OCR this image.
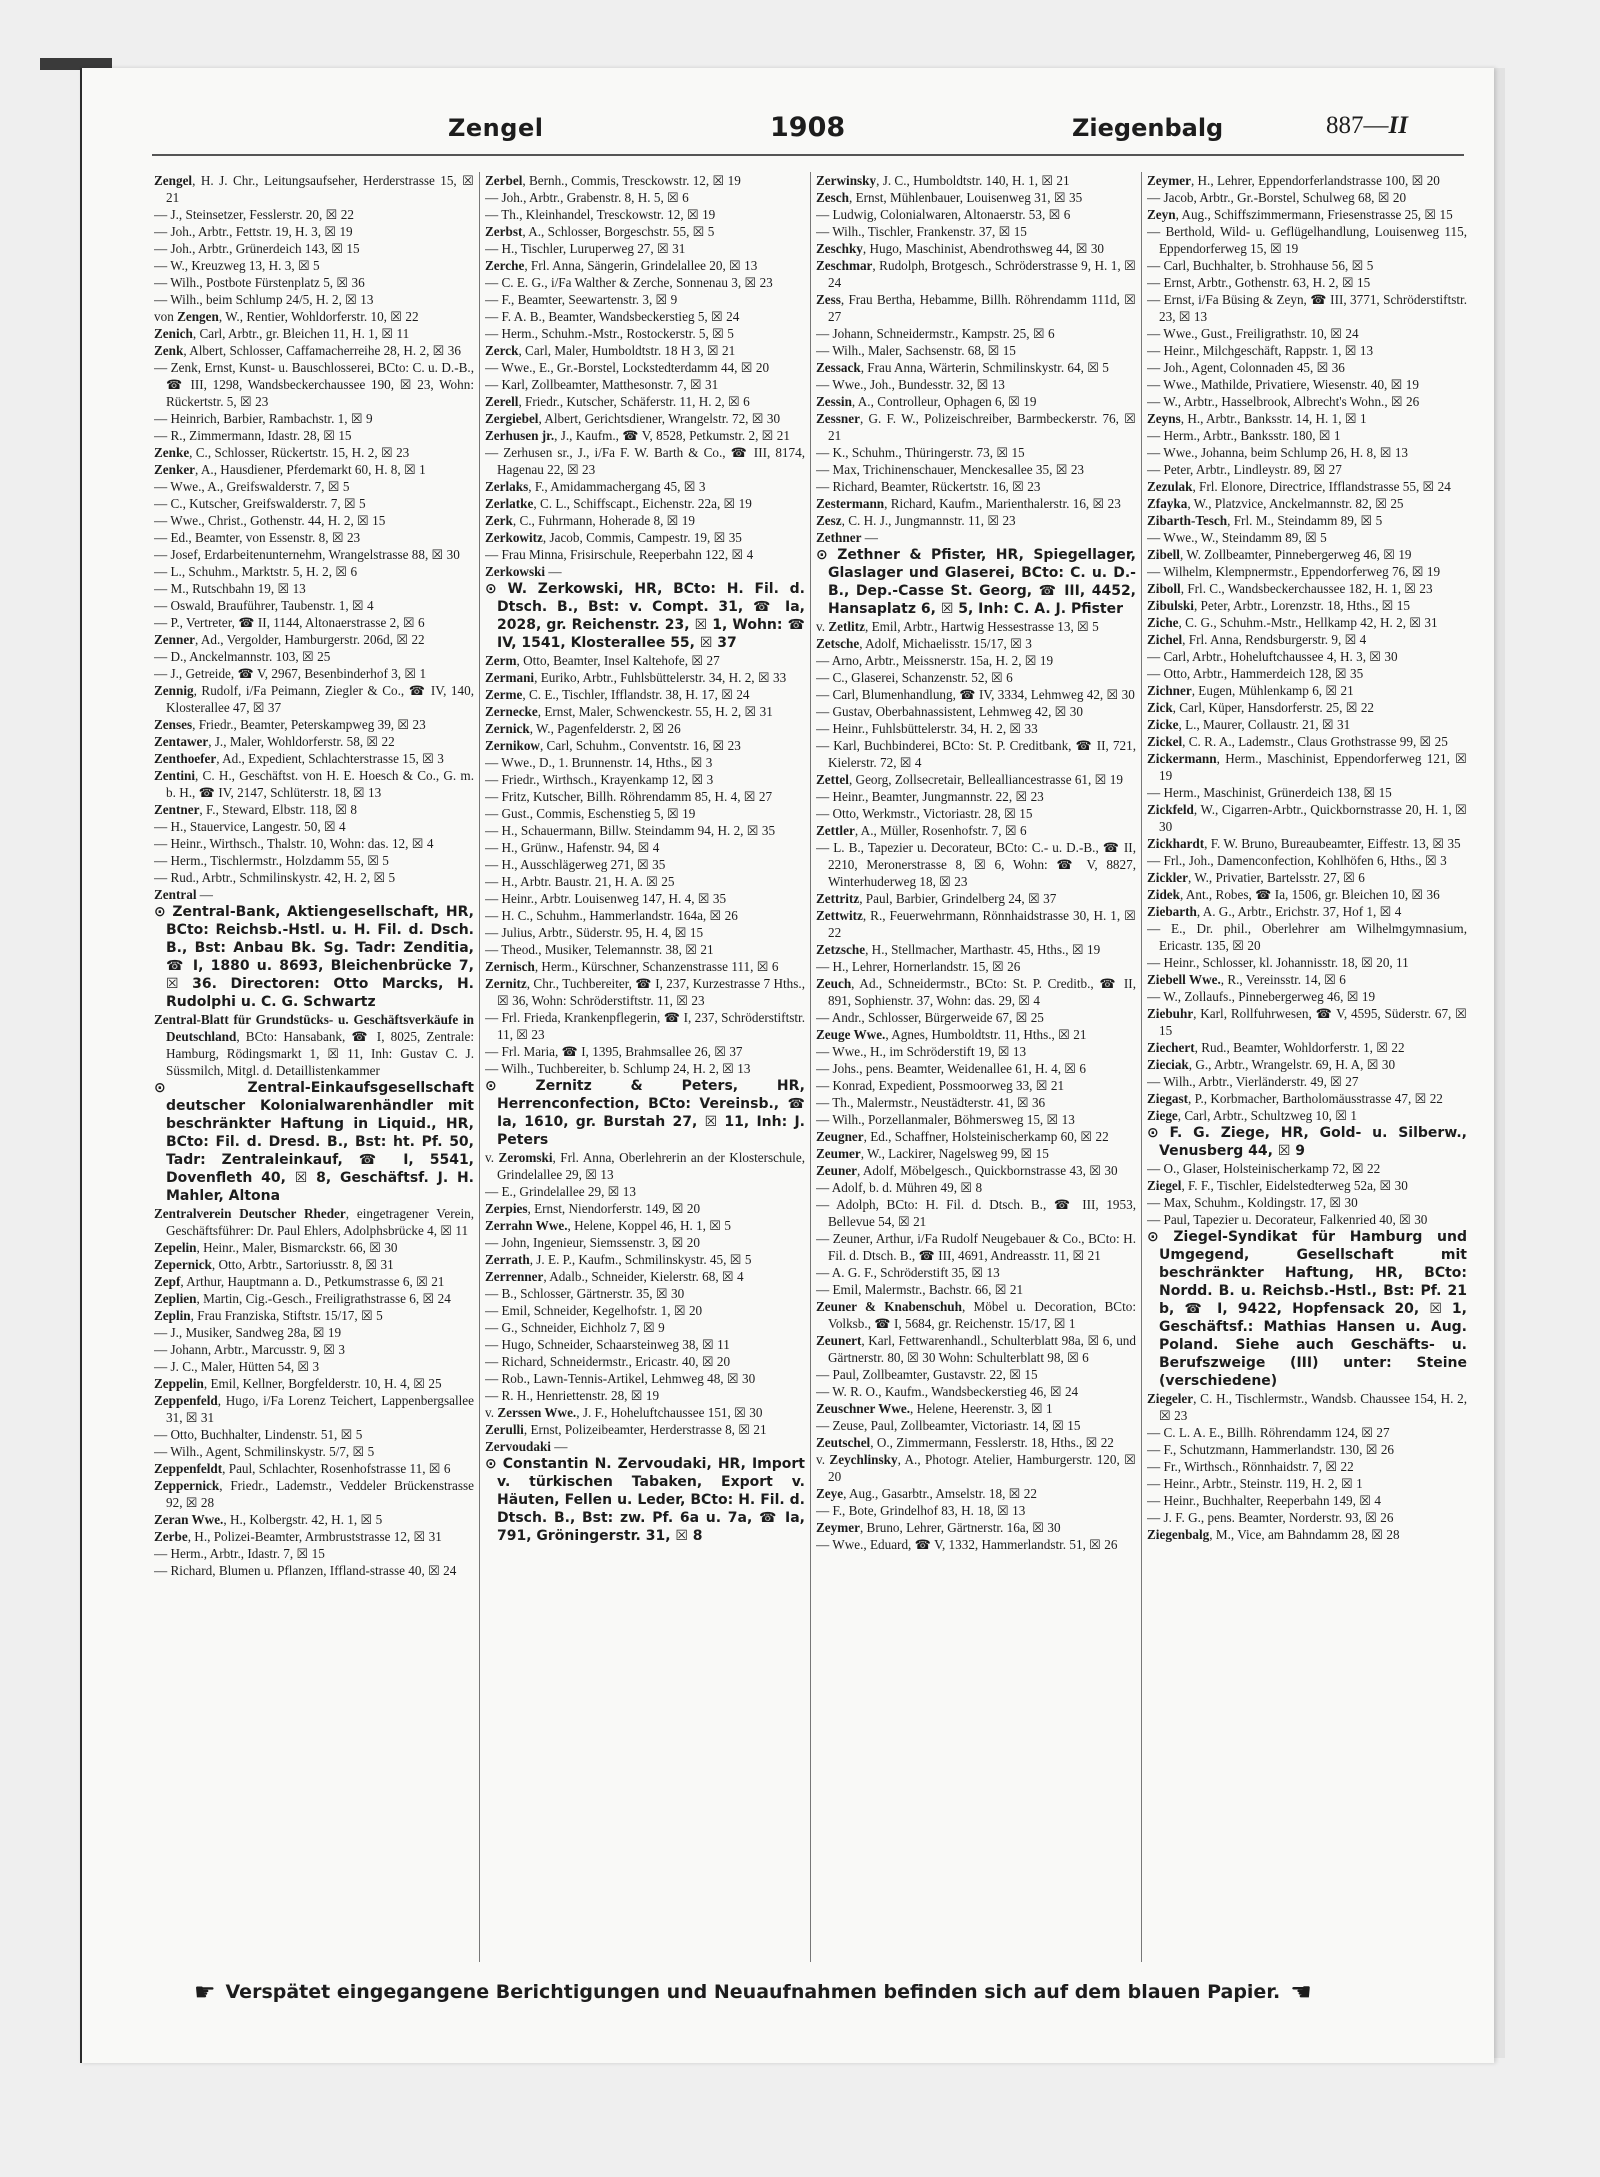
Zengel	1908	Ziegenbalg	887—II

Zengel, H. J. Chr., Leitungsaufseher, Herderstrasse 15, ☒ 21

— J., Steinsetzer, Fesslerstr. 20, ☒ 22

— Joh., Arbtr., Fettstr. 19, H. 3, ☒ 19

— Joh., Arbtr., Grünerdeich 143, ☒ 15

— W., Kreuzweg 13, H. 3, ☒ 5

— Wilh., Postbote Fürstenplatz 5, ☒ 36

— Wilh., beim Schlump 24/5, H. 2, ☒ 13

von Zengen, W., Rentier, Wohldorferstr. 10, ☒ 22

Zenich, Carl, Arbtr., gr. Bleichen 11, H. 1, ☒ 11

Zenk, Albert, Schlosser, Caffamacherreihe 28, H. 2, ☒ 36

— Zenk, Ernst, Kunst- u. Bauschlosserei, BCto: C. u. D.-B., ☎ III, 1298, Wandsbeckerchaussee 190, ☒ 23, Wohn: Rückertstr. 5, ☒ 23

— Heinrich, Barbier, Rambachstr. 1, ☒ 9

— R., Zimmermann, Idastr. 28, ☒ 15

Zenke, C., Schlosser, Rückertstr. 15, H. 2, ☒ 23

Zenker, A., Hausdiener, Pferdemarkt 60, H. 8, ☒ 1

— Wwe., A., Greifswalderstr. 7, ☒ 5

— C., Kutscher, Greifswalderstr. 7, ☒ 5

— Wwe., Christ., Gothenstr. 44, H. 2, ☒ 15

— Ed., Beamter, von Essenstr. 8, ☒ 23

— Josef, Erdarbeitenunternehm, Wrangelstrasse 88, ☒ 30

— L., Schuhm., Marktstr. 5, H. 2, ☒ 6

— M., Rutschbahn 19, ☒ 13

— Oswald, Brauführer, Taubenstr. 1, ☒ 4

— P., Vertreter, ☎ II, 1144, Altonaerstrasse 2, ☒ 6

Zenner, Ad., Vergolder, Hamburgerstr. 206d, ☒ 22

— D., Anckelmannstr. 103, ☒ 25

— J., Getreide, ☎ V, 2967, Besenbinderhof 3, ☒ 1

Zennig, Rudolf, i/Fa Peimann, Ziegler & Co., ☎ IV, 140, Klosterallee 47, ☒ 37

Zenses, Friedr., Beamter, Peterskampweg 39, ☒ 23

Zentawer, J., Maler, Wohldorferstr. 58, ☒ 22

Zenthoefer, Ad., Expedient, Schlachterstrasse 15, ☒ 3

Zentini, C. H., Geschäftst. von H. E. Hoesch & Co., G. m. b. H., ☎ IV, 2147, Schlüterstr. 18, ☒ 13

Zentner, F., Steward, Elbstr. 118, ☒ 8

— H., Stauervice, Langestr. 50, ☒ 4

— Heinr., Wirthsch., Thalstr. 10, Wohn: das. 12, ☒ 4

— Herm., Tischlermstr., Holzdamm 55, ☒ 5

— Rud., Arbtr., Schmilinskystr. 42, H. 2, ☒ 5

Zentral —

⊙ Zentral-Bank, Aktiengesellschaft, HR, BCto: Reichsb.-Hstl. u. H. Fil. d. Dsch. B., Bst: Anbau Bk. Sg. Tadr: Zenditia, ☎ I, 1880 u. 8693, Bleichenbrücke 7, ☒ 36. Directoren: Otto Marcks, H. Rudolphi u. C. G. Schwartz

Zentral-Blatt für Grundstücks- u. Geschäftsverkäufe in Deutschland, BCto: Hansabank, ☎ I, 8025, Zentrale: Hamburg, Rödingsmarkt 1, ☒ 11, Inh: Gustav C. J. Süssmilch, Mitgl. d. Detaillistenkammer

⊙ Zentral-Einkaufsgesellschaft deutscher Kolonialwarenhändler mit beschränkter Haftung in Liquid., HR, BCto: Fil. d. Dresd. B., Bst: ht. Pf. 50, Tadr: Zentraleinkauf, ☎ I, 5541, Dovenfleth 40, ☒ 8, Geschäftsf. J. H. Mahler, Altona

Zentralverein Deutscher Rheder, eingetragener Verein, Geschäftsführer: Dr. Paul Ehlers, Adolphsbrücke 4, ☒ 11

Zepelin, Heinr., Maler, Bismarckstr. 66, ☒ 30

Zepernick, Otto, Arbtr., Sartoriusstr. 8, ☒ 31

Zepf, Arthur, Hauptmann a. D., Petkumstrasse 6, ☒ 21

Zeplien, Martin, Cig.-Gesch., Freiligrathstrasse 6, ☒ 24

Zeplin, Frau Franziska, Stiftstr. 15/17, ☒ 5

— J., Musiker, Sandweg 28a, ☒ 19

— Johann, Arbtr., Marcusstr. 9, ☒ 3

— J. C., Maler, Hütten 54, ☒ 3

Zeppelin, Emil, Kellner, Borgfelderstr. 10, H. 4, ☒ 25

Zeppenfeld, Hugo, i/Fa Lorenz Teichert, Lappenbergsallee 31, ☒ 31

— Otto, Buchhalter, Lindenstr. 51, ☒ 5

— Wilh., Agent, Schmilinskystr. 5/7, ☒ 5

Zeppenfeldt, Paul, Schlachter, Rosenhofstrasse 11, ☒ 6

Zeppernick, Friedr., Lademstr., Veddeler Brückenstrasse 92, ☒ 28

Zeran Wwe., H., Kolbergstr. 42, H. 1, ☒ 5

Zerbe, H., Polizei-Beamter, Armbruststrasse 12, ☒ 31

— Herm., Arbtr., Idastr. 7, ☒ 15

— Richard, Blumen u. Pflanzen, Iffland-strasse 40, ☒ 24

Zerbel, Bernh., Commis, Tresckowstr. 12, ☒ 19

— Joh., Arbtr., Grabenstr. 8, H. 5, ☒ 6

— Th., Kleinhandel, Tresckowstr. 12, ☒ 19

Zerbst, A., Schlosser, Borgeschstr. 55, ☒ 5

— H., Tischler, Luruperweg 27, ☒ 31

Zerche, Frl. Anna, Sängerin, Grindelallee 20, ☒ 13

— C. E. G., i/Fa Walther & Zerche, Sonnenau 3, ☒ 23

— F., Beamter, Seewartenstr. 3, ☒ 9

— F. A. B., Beamter, Wandsbeckerstieg 5, ☒ 24

— Herm., Schuhm.-Mstr., Rostockerstr. 5, ☒ 5

Zerck, Carl, Maler, Humboldtstr. 18 H 3, ☒ 21

— Wwe., E., Gr.-Borstel, Lockstedterdamm 44, ☒ 20

— Karl, Zollbeamter, Matthesonstr. 7, ☒ 31

Zerell, Friedr., Kutscher, Schäferstr. 11, H. 2, ☒ 6

Zergiebel, Albert, Gerichtsdiener, Wrangelstr. 72, ☒ 30

Zerhusen jr., J., Kaufm., ☎ V, 8528, Petkumstr. 2, ☒ 21

— Zerhusen sr., J., i/Fa F. W. Barth & Co., ☎ III, 8174, Hagenau 22, ☒ 23

Zerlaks, F., Amidammachergang 45, ☒ 3

Zerlatke, C. L., Schiffscapt., Eichenstr. 22a, ☒ 19

Zerk, C., Fuhrmann, Hoherade 8, ☒ 19

Zerkowitz, Jacob, Commis, Campestr. 19, ☒ 35

— Frau Minna, Frisirschule, Reeperbahn 122, ☒ 4

Zerkowski —

⊙ W. Zerkowski, HR, BCto: H. Fil. d. Dtsch. B., Bst: v. Compt. 31, ☎ Ia, 2028, gr. Reichenstr. 23, ☒ 1, Wohn: ☎ IV, 1541, Klosterallee 55, ☒ 37

Zerm, Otto, Beamter, Insel Kaltehofe, ☒ 27

Zermani, Euriko, Arbtr., Fuhlsbüttelerstr. 34, H. 2, ☒ 33

Zerme, C. E., Tischler, Ifflandstr. 38, H. 17, ☒ 24

Zernecke, Ernst, Maler, Schwenckestr. 55, H. 2, ☒ 31

Zernick, W., Pagenfelderstr. 2, ☒ 26

Zernikow, Carl, Schuhm., Conventstr. 16, ☒ 23

— Wwe., D., 1. Brunnenstr. 14, Hths., ☒ 3

— Friedr., Wirthsch., Krayenkamp 12, ☒ 3

— Fritz, Kutscher, Billh. Röhrendamm 85, H. 4, ☒ 27

— Gust., Commis, Eschenstieg 5, ☒ 19

— H., Schauermann, Billw. Steindamm 94, H. 2, ☒ 35

— H., Grünw., Hafenstr. 94, ☒ 4

— H., Ausschlägerweg 271, ☒ 35

— H., Arbtr. Baustr. 21, H. A. ☒ 25

— Heinr., Arbtr. Louisenweg 147, H. 4, ☒ 35

— H. C., Schuhm., Hammerlandstr. 164a, ☒ 26

— Julius, Arbtr., Süderstr. 95, H. 4, ☒ 15

— Theod., Musiker, Telemannstr. 38, ☒ 21

Zernisch, Herm., Kürschner, Schanzenstrasse 111, ☒ 6

Zernitz, Chr., Tuchbereiter, ☎ I, 237, Kurzestrasse 7 Hths., ☒ 36, Wohn: Schröderstiftstr. 11, ☒ 23

— Frl. Frieda, Krankenpflegerin, ☎ I, 237, Schröderstiftstr. 11, ☒ 23

— Frl. Maria, ☎ I, 1395, Brahmsallee 26, ☒ 37

— Wilh., Tuchbereiter, b. Schlump 24, H. 2, ☒ 13

⊙ Zernitz & Peters, HR, Herrenconfection, BCto: Vereinsb., ☎ Ia, 1610, gr. Burstah 27, ☒ 11, Inh: J. Peters

v. Zeromski, Frl. Anna, Oberlehrerin an der Klosterschule, Grindelallee 29, ☒ 13

— E., Grindelallee 29, ☒ 13

Zerpies, Ernst, Niendorferstr. 149, ☒ 20

Zerrahn Wwe., Helene, Koppel 46, H. 1, ☒ 5

— John, Ingenieur, Siemssenstr. 3, ☒ 20

Zerrath, J. E. P., Kaufm., Schmilinskystr. 45, ☒ 5

Zerrenner, Adalb., Schneider, Kielerstr. 68, ☒ 4

— B., Schlosser, Gärtnerstr. 35, ☒ 30

— Emil, Schneider, Kegelhofstr. 1, ☒ 20

— G., Schneider, Eichholz 7, ☒ 9

— Hugo, Schneider, Schaarsteinweg 38, ☒ 11

— Richard, Schneidermstr., Ericastr. 40, ☒ 20

— Rob., Lawn-Tennis-Artikel, Lehmweg 48, ☒ 30

— R. H., Henriettenstr. 28, ☒ 19

v. Zerssen Wwe., J. F., Hoheluftchaussee 151, ☒ 30

Zerulli, Ernst, Polizeibeamter, Herderstrasse 8, ☒ 21

Zervoudaki —

⊙ Constantin N. Zervoudaki, HR, Import v. türkischen Tabaken, Export v. Häuten, Fellen u. Leder, BCto: H. Fil. d. Dtsch. B., Bst: zw. Pf. 6a u. 7a, ☎ Ia, 791, Gröningerstr. 31, ☒ 8

Zerwinsky, J. C., Humboldtstr. 140, H. 1, ☒ 21

Zesch, Ernst, Mühlenbauer, Louisenweg 31, ☒ 35

— Ludwig, Colonialwaren, Altonaerstr. 53, ☒ 6

— Wilh., Tischler, Frankenstr. 37, ☒ 15

Zeschky, Hugo, Maschinist, Abendrothsweg 44, ☒ 30

Zeschmar, Rudolph, Brotgesch., Schröderstrasse 9, H. 1, ☒ 24

Zess, Frau Bertha, Hebamme, Billh. Röhrendamm 111d, ☒ 27

— Johann, Schneidermstr., Kampstr. 25, ☒ 6

— Wilh., Maler, Sachsenstr. 68, ☒ 15

Zessack, Frau Anna, Wärterin, Schmilinskystr. 64, ☒ 5

— Wwe., Joh., Bundesstr. 32, ☒ 13

Zessin, A., Controlleur, Ophagen 6, ☒ 19

Zessner, G. F. W., Polizeischreiber, Barmbeckerstr. 76, ☒ 21

— K., Schuhm., Thüringerstr. 73, ☒ 15

— Max, Trichinenschauer, Menckesallee 35, ☒ 23

— Richard, Beamter, Rückertstr. 16, ☒ 23

Zestermann, Richard, Kaufm., Marienthalerstr. 16, ☒ 23

Zesz, C. H. J., Jungmannstr. 11, ☒ 23

Zethner —

⊙ Zethner & Pfister, HR, Spiegellager, Glaslager und Glaserei, BCto: C. u. D.-B., Dep.-Casse St. Georg, ☎ III, 4452, Hansaplatz 6, ☒ 5, Inh: C. A. J. Pfister

v. Zetlitz, Emil, Arbtr., Hartwig Hessestrasse 13, ☒ 5

Zetsche, Adolf, Michaelisstr. 15/17, ☒ 3

— Arno, Arbtr., Meissnerstr. 15a, H. 2, ☒ 19

— C., Glaserei, Schanzenstr. 52, ☒ 6

— Carl, Blumenhandlung, ☎ IV, 3334, Lehmweg 42, ☒ 30

— Gustav, Oberbahnassistent, Lehmweg 42, ☒ 30

— Heinr., Fuhlsbüttelerstr. 34, H. 2, ☒ 33

— Karl, Buchbinderei, BCto: St. P. Creditbank, ☎ II, 721, Kielerstr. 72, ☒ 4

Zettel, Georg, Zollsecretair, Bellealliancestrasse 61, ☒ 19

— Heinr., Beamter, Jungmannstr. 22, ☒ 23

— Otto, Werkmstr., Victoriastr. 28, ☒ 15

Zettler, A., Müller, Rosenhofstr. 7, ☒ 6

— L. B., Tapezier u. Decorateur, BCto: C.- u. D.-B., ☎ II, 2210, Meronerstrasse 8, ☒ 6, Wohn: ☎ V, 8827, Winterhuderweg 18, ☒ 23

Zettritz, Paul, Barbier, Grindelberg 24, ☒ 37

Zettwitz, R., Feuerwehrmann, Rönnhaidstrasse 30, H. 1, ☒ 22

Zetzsche, H., Stellmacher, Marthastr. 45, Hths., ☒ 19

— H., Lehrer, Hornerlandstr. 15, ☒ 26

Zeuch, Ad., Schneidermstr., BCto: St. P. Creditb., ☎ II, 891, Sophienstr. 37, Wohn: das. 29, ☒ 4

— Andr., Schlosser, Bürgerweide 67, ☒ 25

Zeuge Wwe., Agnes, Humboldtstr. 11, Hths., ☒ 21

— Wwe., H., im Schröderstift 19, ☒ 13

— Johs., pens. Beamter, Weidenallee 61, H. 4, ☒ 6

— Konrad, Expedient, Possmoorweg 33, ☒ 21

— Th., Malermstr., Neustädterstr. 41, ☒ 36

— Wilh., Porzellanmaler, Böhmersweg 15, ☒ 13

Zeugner, Ed., Schaffner, Holsteinischerkamp 60, ☒ 22

Zeumer, W., Lackirer, Nagelsweg 99, ☒ 15

Zeuner, Adolf, Möbelgesch., Quickbornstrasse 43, ☒ 30

— Adolf, b. d. Mühren 49, ☒ 8

— Adolph, BCto: H. Fil. d. Dtsch. B., ☎ III, 1953, Bellevue 54, ☒ 21

— Zeuner, Arthur, i/Fa Rudolf Neugebauer & Co., BCto: H. Fil. d. Dtsch. B., ☎ III, 4691, Andreasstr. 11, ☒ 21

— A. G. F., Schröderstift 35, ☒ 13

— Emil, Malermstr., Bachstr. 66, ☒ 21

Zeuner & Knabenschuh, Möbel u. Decoration, BCto: Volksb., ☎ I, 5684, gr. Reichenstr. 15/17, ☒ 1

Zeunert, Karl, Fettwarenhandl., Schulterblatt 98a, ☒ 6, und Gärtnerstr. 80, ☒ 30 Wohn: Schulterblatt 98, ☒ 6

— Paul, Zollbeamter, Gustavstr. 22, ☒ 15

— W. R. O., Kaufm., Wandsbeckerstieg 46, ☒ 24

Zeuschner Wwe., Helene, Heerenstr. 3, ☒ 1

— Zeuse, Paul, Zollbeamter, Victoriastr. 14, ☒ 15

Zeutschel, O., Zimmermann, Fesslerstr. 18, Hths., ☒ 22

v. Zeychlinsky, A., Photogr. Atelier, Hamburgerstr. 120, ☒ 20

Zeye, Aug., Gasarbtr., Amselstr. 18, ☒ 22

— F., Bote, Grindelhof 83, H. 18, ☒ 13

Zeymer, Bruno, Lehrer, Gärtnerstr. 16a, ☒ 30

— Wwe., Eduard, ☎ V, 1332, Hammerlandstr. 51, ☒ 26

Zeymer, H., Lehrer, Eppendorferlandstrasse 100, ☒ 20

— Jacob, Arbtr., Gr.-Borstel, Schulweg 68, ☒ 20

Zeyn, Aug., Schiffszimmermann, Friesenstrasse 25, ☒ 15

— Berthold, Wild- u. Geflügelhandlung, Louisenweg 115, Eppendorferweg 15, ☒ 19

— Carl, Buchhalter, b. Strohhause 56, ☒ 5

— Ernst, Arbtr., Gothenstr. 63, H. 2, ☒ 15

— Ernst, i/Fa Büsing & Zeyn, ☎ III, 3771, Schröderstiftstr. 23, ☒ 13

— Wwe., Gust., Freiligrathstr. 10, ☒ 24

— Heinr., Milchgeschäft, Rappstr. 1, ☒ 13

— Joh., Agent, Colonnaden 45, ☒ 36

— Wwe., Mathilde, Privatiere, Wiesenstr. 40, ☒ 19

— W., Arbtr., Hasselbrook, Albrecht's Wohn., ☒ 26

Zeyns, H., Arbtr., Banksstr. 14, H. 1, ☒ 1

— Herm., Arbtr., Banksstr. 180, ☒ 1

— Wwe., Johanna, beim Schlump 26, H. 8, ☒ 13

— Peter, Arbtr., Lindleystr. 89, ☒ 27

Zezulak, Frl. Elonore, Directrice, Ifflandstrasse 55, ☒ 24

Zfayka, W., Platzvice, Anckelmannstr. 82, ☒ 25

Zibarth-Tesch, Frl. M., Steindamm 89, ☒ 5

— Wwe., W., Steindamm 89, ☒ 5

Zibell, W. Zollbeamter, Pinnebergerweg 46, ☒ 19

— Wilhelm, Klempnermstr., Eppendorferweg 76, ☒ 19

Ziboll, Frl. C., Wandsbeckerchaussee 182, H. 1, ☒ 23

Zibulski, Peter, Arbtr., Lorenzstr. 18, Hths., ☒ 15

Ziche, C. G., Schuhm.-Mstr., Hellkamp 42, H. 2, ☒ 31

Zichel, Frl. Anna, Rendsburgerstr. 9, ☒ 4

— Carl, Arbtr., Hoheluftchaussee 4, H. 3, ☒ 30

— Otto, Arbtr., Hammerdeich 128, ☒ 35

Zichner, Eugen, Mühlenkamp 6, ☒ 21

Zick, Carl, Küper, Hansdorferstr. 25, ☒ 22

Zicke, L., Maurer, Collaustr. 21, ☒ 31

Zickel, C. R. A., Lademstr., Claus Grothstrasse 99, ☒ 25

Zickermann, Herm., Maschinist, Eppendorferweg 121, ☒ 19

— Herm., Maschinist, Grünerdeich 138, ☒ 15

Zickfeld, W., Cigarren-Arbtr., Quickbornstrasse 20, H. 1, ☒ 30

Zickhardt, F. W. Bruno, Bureaubeamter, Eiffestr. 13, ☒ 35

— Frl., Joh., Damenconfection, Kohlhöfen 6, Hths., ☒ 3

Zickler, W., Privatier, Bartelsstr. 27, ☒ 6

Zidek, Ant., Robes, ☎ Ia, 1506, gr. Bleichen 10, ☒ 36

Ziebarth, A. G., Arbtr., Erichstr. 37, Hof 1, ☒ 4

— E., Dr. phil., Oberlehrer am Wilhelmgymnasium, Ericastr. 135, ☒ 20

— Heinr., Schlosser, kl. Johannisstr. 18, ☒ 20, 11

Ziebell Wwe., R., Vereinsstr. 14, ☒ 6

— W., Zollaufs., Pinnebergerweg 46, ☒ 19

Ziebuhr, Karl, Rollfuhrwesen, ☎ V, 4595, Süderstr. 67, ☒ 15

Ziechert, Rud., Beamter, Wohldorferstr. 1, ☒ 22

Zieciak, G., Arbtr., Wrangelstr. 69, H. A, ☒ 30

— Wilh., Arbtr., Vierländerstr. 49, ☒ 27

Ziegast, P., Korbmacher, Bartholomäusstrasse 47, ☒ 22

Ziege, Carl, Arbtr., Schultzweg 10, ☒ 1

⊙ F. G. Ziege, HR, Gold- u. Silberw., Venusberg 44, ☒ 9

— O., Glaser, Holsteinischerkamp 72, ☒ 22

Ziegel, F. F., Tischler, Eidelstedterweg 52a, ☒ 30

— Max, Schuhm., Koldingstr. 17, ☒ 30

— Paul, Tapezier u. Decorateur, Falkenried 40, ☒ 30

⊙ Ziegel-Syndikat für Hamburg und Umgegend, Gesellschaft mit beschränkter Haftung, HR, BCto: Nordd. B. u. Reichsb.-Hstl., Bst: Pf. 21 b, ☎ I, 9422, Hopfensack 20, ☒ 1, Geschäftsf.: Mathias Hansen u. Aug. Poland. Siehe auch Geschäfts- u. Berufszweige (III) unter: Steine (verschiedene)

Ziegeler, C. H., Tischlermstr., Wandsb. Chaussee 154, H. 2, ☒ 23

— C. L. A. E., Billh. Röhrendamm 124, ☒ 27

— F., Schutzmann, Hammerlandstr. 130, ☒ 26

— Fr., Wirthsch., Rönnhaidstr. 7, ☒ 22

— Heinr., Arbtr., Steinstr. 119, H. 2, ☒ 1

— Heinr., Buchhalter, Reeperbahn 149, ☒ 4

— J. F. G., pens. Beamter, Norderstr. 93, ☒ 26

Ziegenbalg, M., Vice, am Bahndamm 28, ☒ 28

☛ Verspätet eingegangene Berichtigungen und Neuaufnahmen befinden sich auf dem blauen Papier. ☚
